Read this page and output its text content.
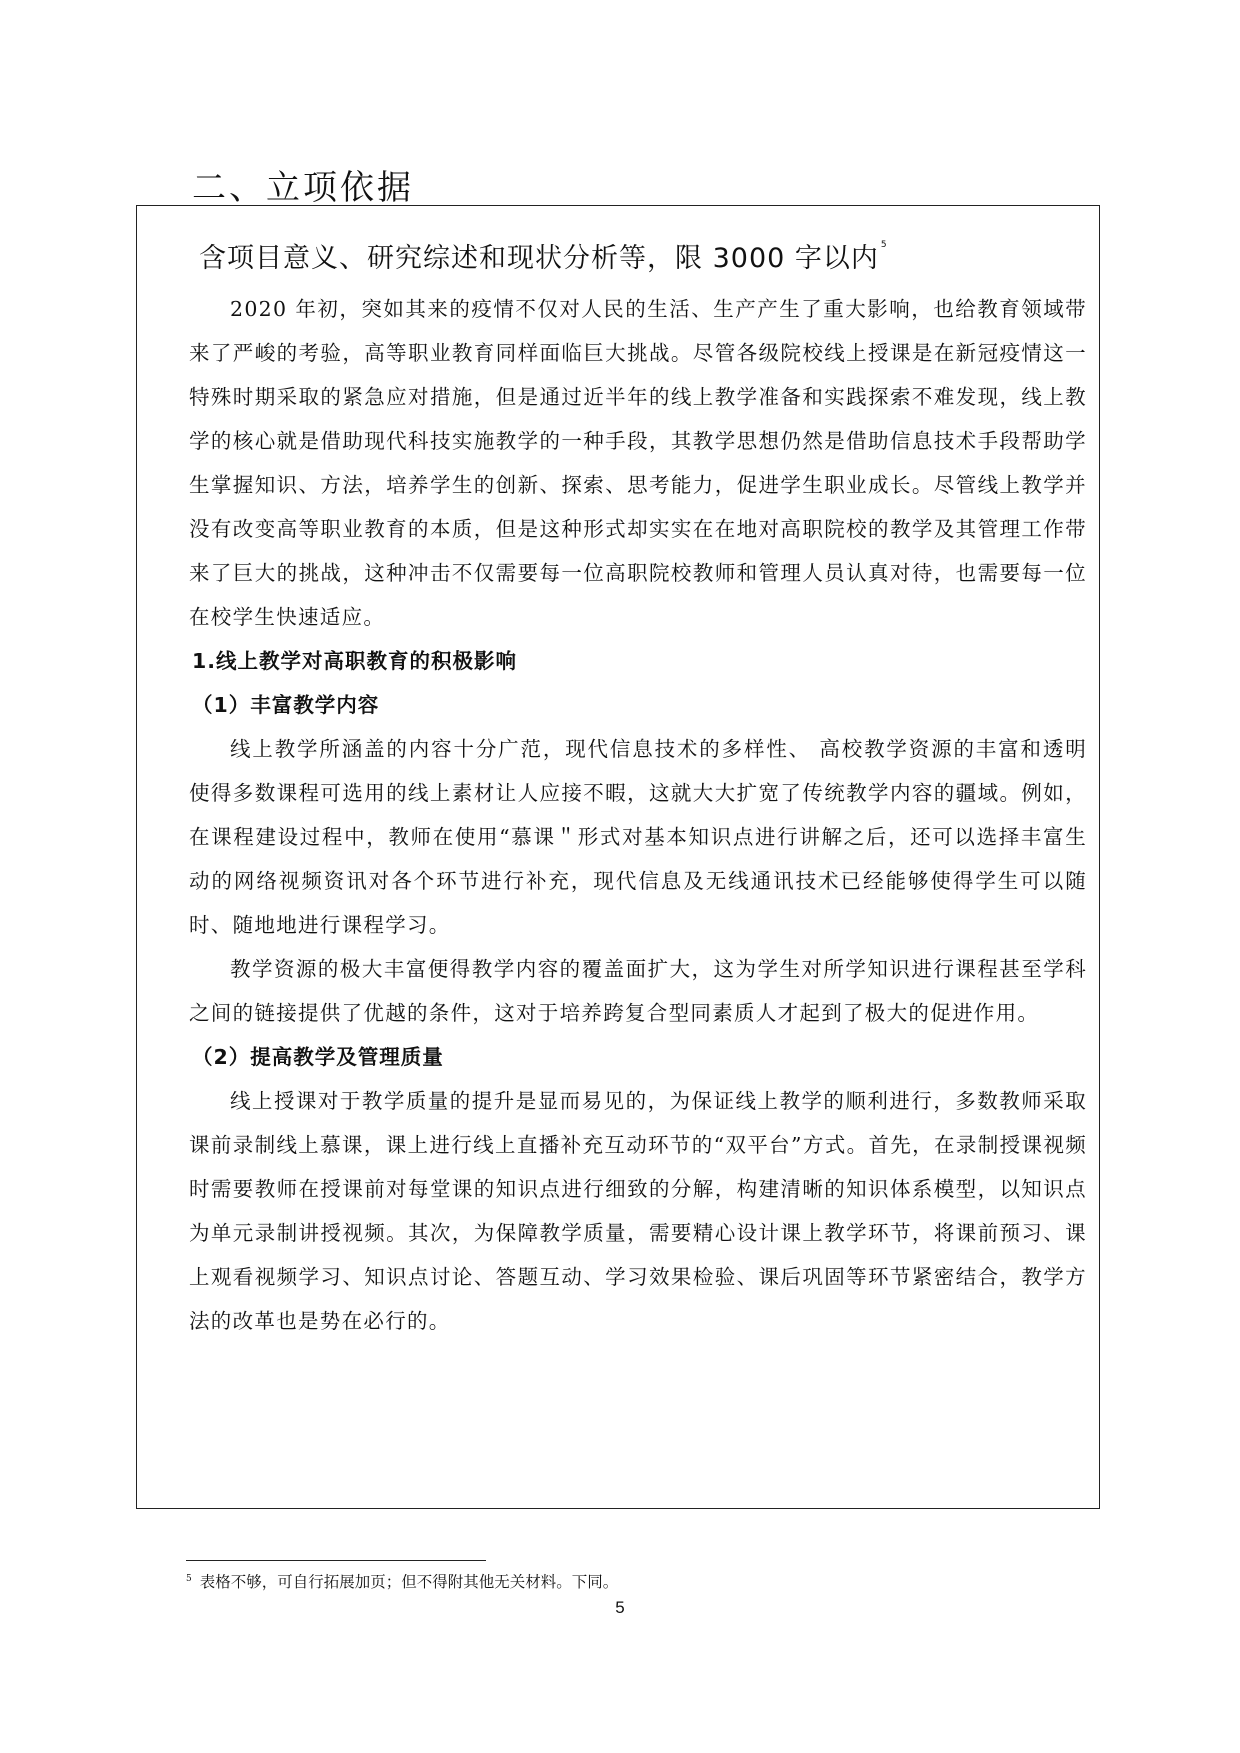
二、立项依据
含项目意义、研究综述和现状分析等，限 3000 字以内 $^5$

2020 年初，突如其来的疫情不仅对人民的生活、生产产生了重大影响，也给教育领域带来了严峻的考验，高等职业教育同样面临巨大挑战。尽管各级院校线上授课是在新冠疫情这一特殊时期采取的紧急应对措施，但是通过近半年的线上教学准备和实践探索不难发现，线上教学的核心就是借助现代科技实施教学的一种手段，其教学思想仍然是借助信息技术手段帮助学生掌握知识、方法，培养学生的创新、探索、思考能力，促进学生职业成长。尽管线上教学并没有改变高等职业教育的本质，但是这种形式却实实在在地对高职院校的教学及其管理工作带来了巨大的挑战，这种冲击不仅需要每一位高职院校教师和管理人员认真对待，也需要每一位在校学生快速适应。

1.线上教学对高职教育的积极影响

（1）丰富教学内容

线上教学所涵盖的内容十分广范，现代信息技术的多样性、 高校教学资源的丰富和透明使得多数课程可选用的线上素材让人应接不暇，这就大大扩宽了传统教学内容的疆域。例如，在课程建设过程中，教师在使用“慕课＂形式对基本知识点进行讲解之后，还可以选择丰富生动的网络视频资讯对各个环节进行补充，现代信息及无线通讯技术已经能够使得学生可以随时、随地地进行课程学习。

教学资源的极大丰富便得教学内容的覆盖面扩大，这为学生对所学知识进行课程甚至学科之间的链接提供了优越的条件，这对于培养跨复合型同素质人才起到了极大的促进作用。

（2）提高教学及管理质量

线上授课对于教学质量的提升是显而易见的，为保证线上教学的顺利进行，多数教师采取课前录制线上慕课，课上进行线上直播补充互动环节的“双平台”方式。首先，在录制授课视频时需要教师在授课前对每堂课的知识点进行细致的分解，构建清晰的知识体系模型，以知识点为单元录制讲授视频。其次，为保障教学质量，需要精心设计课上教学环节，将课前预习、课上观看视频学习、知识点讨论、答题互动、学习效果检验、课后巩固等环节紧密结合，教学方法的改革也是势在必行的。

$^5$ 表格不够，可自行拓展加页；但不得附其他无关材料。下同。

5
